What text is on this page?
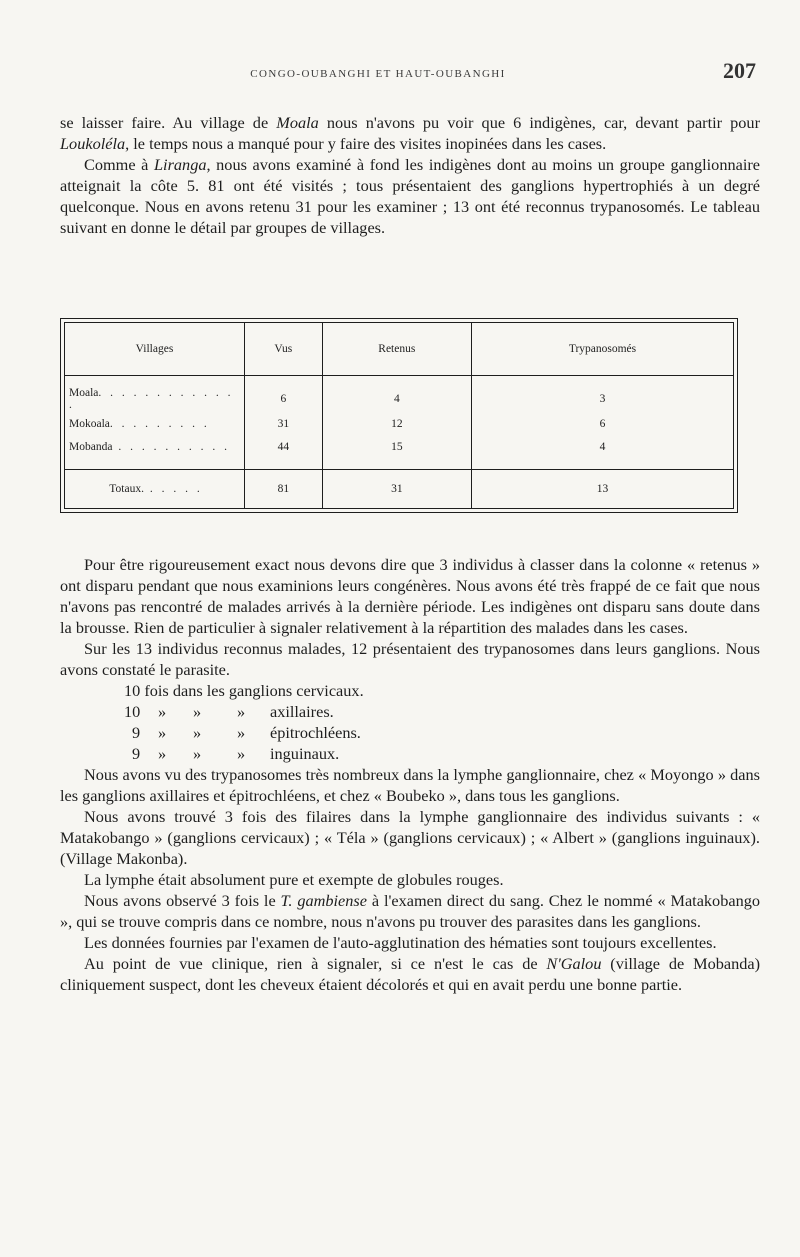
CONGO-OUBANGHI ET HAUT-OUBANGHI	207

se laisser faire. Au village de Moala nous n'avons pu voir que 6 indigènes, car, devant partir pour Loukoléla, le temps nous a manqué pour y faire des visites inopinées dans les cases.

Comme à Liranga, nous avons examiné à fond les indigènes dont au moins un groupe ganglionnaire atteignait la côte 5. 81 ont été visités ; tous présentaient des ganglions hypertrophiés à un degré quelconque. Nous en avons retenu 31 pour les examiner ; 13 ont été reconnus trypanosomés. Le tableau suivant en donne le détail par groupes de villages.

Villages	Vus	Retenus	Trypanosomés

Moala. . . . . . . . . . . . .	6	4	3
Mokoala. . . . . . . . .	31	12	6
Mobanda . . . . . . . . . .	44	15	4

Totaux. . . . . .	81	31	13

Pour être rigoureusement exact nous devons dire que 3 individus à classer dans la colonne « retenus » ont disparu pendant que nous examinions leurs congénères. Nous avons été très frappé de ce fait que nous n'avons pas rencontré de malades arrivés à la dernière période. Les indigènes ont disparu sans doute dans la brousse. Rien de particulier à signaler relativement à la répartition des malades dans les cases.

Sur les 13 individus reconnus malades, 12 présentaient des trypanosomes dans leurs ganglions. Nous avons constaté le parasite.

10 fois dans les ganglions cervicaux.
10 » » » axillaires.
9 » » » épitrochléens.
9 » » » inguinaux.

Nous avons vu des trypanosomes très nombreux dans la lymphe ganglionnaire, chez « Moyongo » dans les ganglions axillaires et épitrochléens, et chez « Boubeko », dans tous les ganglions.

Nous avons trouvé 3 fois des filaires dans la lymphe ganglionnaire des individus suivants : « Matakobango » (ganglions cervicaux) ; « Téla » (ganglions cervicaux) ; « Albert » (ganglions inguinaux). (Village Makonba).

La lymphe était absolument pure et exempte de globules rouges.

Nous avons observé 3 fois le T. gambiense à l'examen direct du sang. Chez le nommé « Matakobango », qui se trouve compris dans ce nombre, nous n'avons pu trouver des parasites dans les ganglions.

Les données fournies par l'examen de l'auto-agglutination des hématies sont toujours excellentes.

Au point de vue clinique, rien à signaler, si ce n'est le cas de N'Galou (village de Mobanda) cliniquement suspect, dont les cheveux étaient décolorés et qui en avait perdu une bonne partie.
